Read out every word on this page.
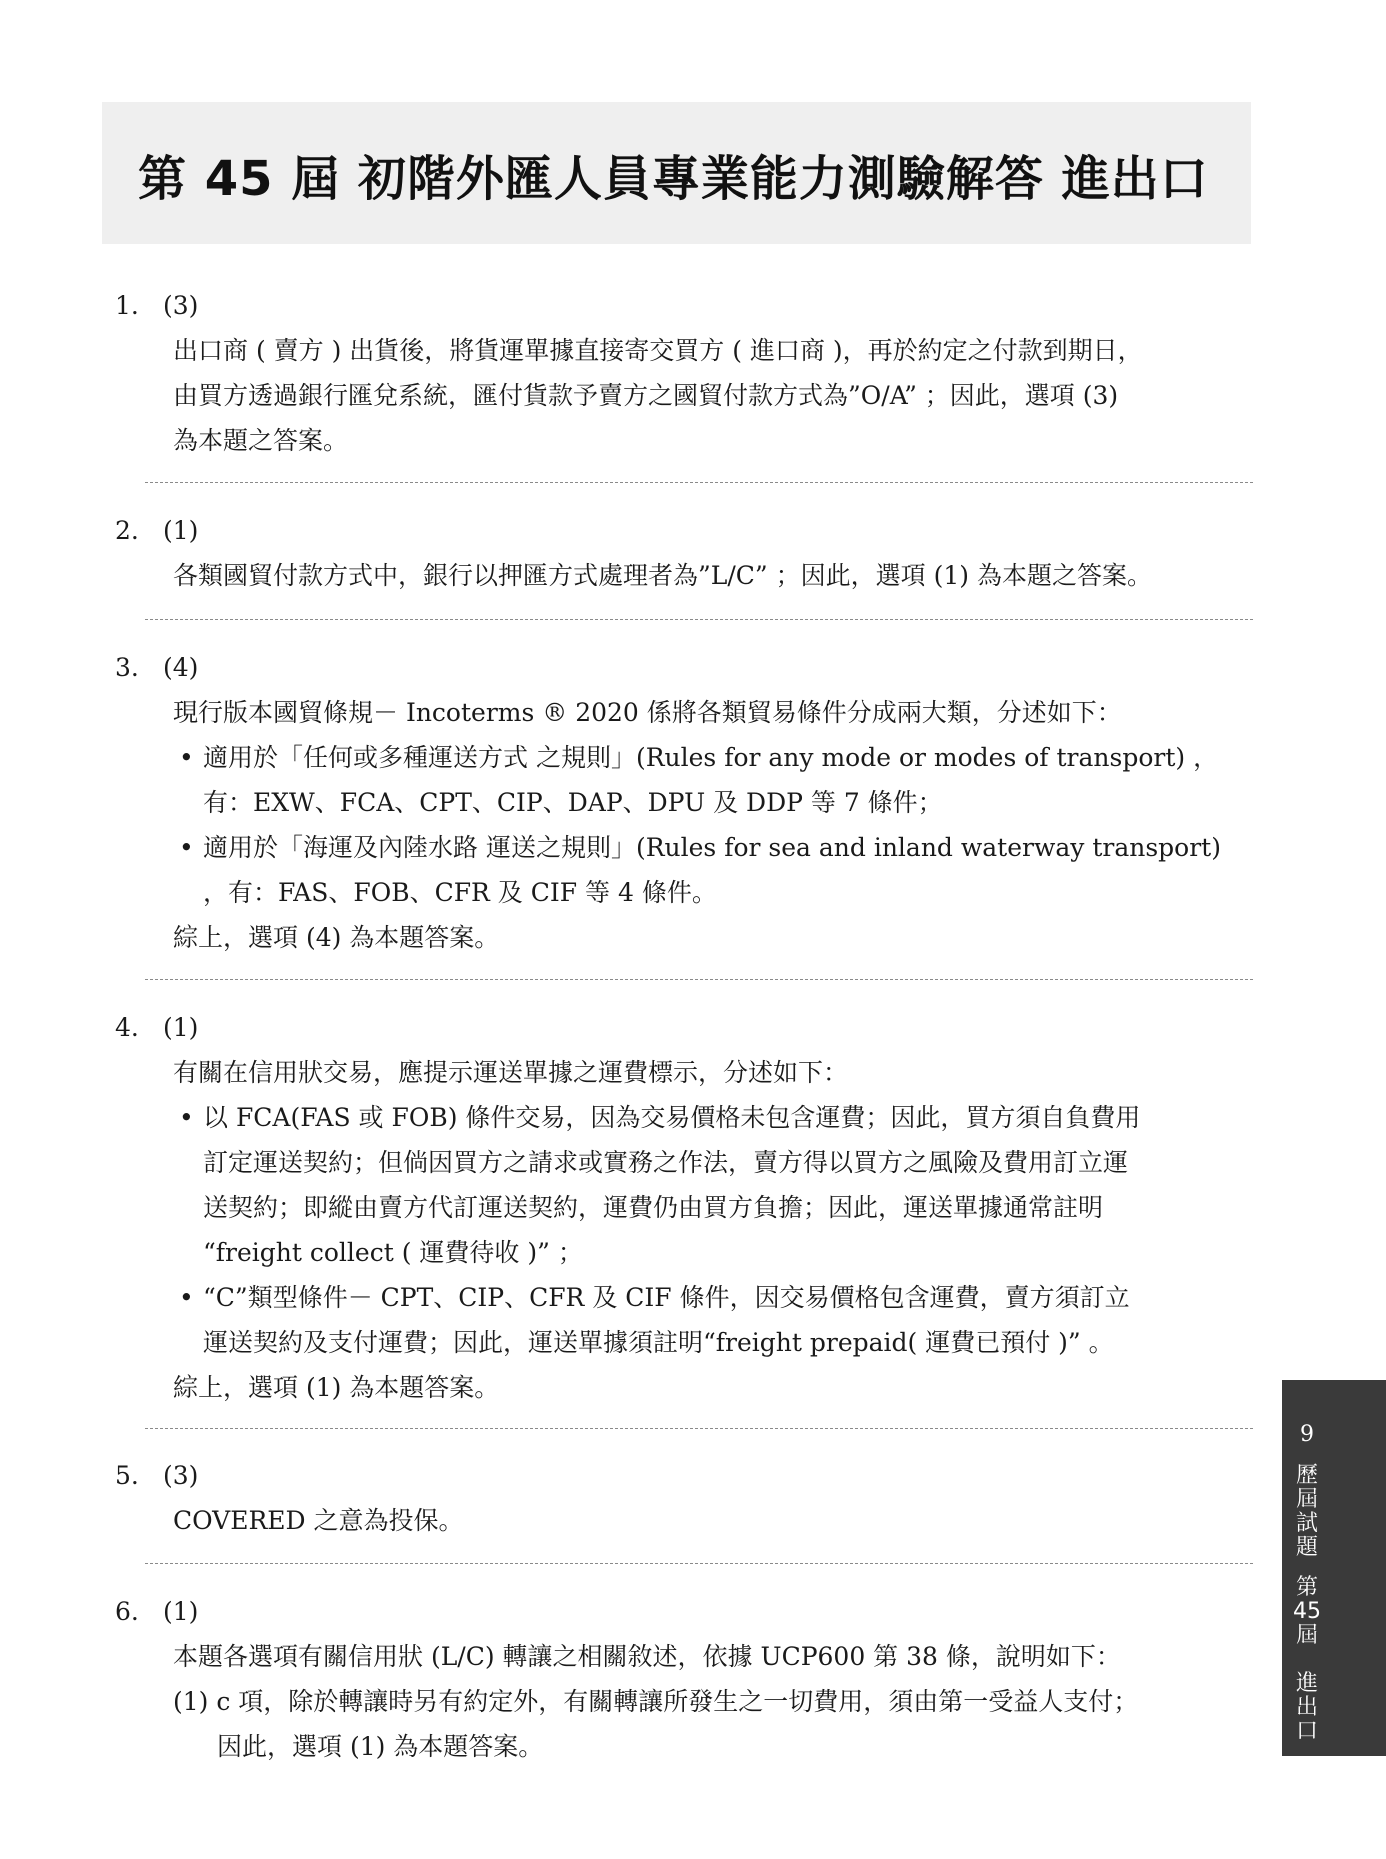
第 45 屆 初階外匯人員專業能力測驗解答 進出口
1. (3)
出口商 ( 賣方 ) 出貨後，將貨運單據直接寄交買方 ( 進口商 )，再於約定之付款到期日，
由買方透過銀行匯兌系統，匯付貨款予賣方之國貿付款方式為”O/A” ；因此，選項 (3)
為本題之答案。
2. (1)
各類國貿付款方式中，銀行以押匯方式處理者為”L/C” ；因此，選項 (1) 為本題之答案。
3. (4)
現行版本國貿條規－ Incoterms ® 2020 係將各類貿易條件分成兩大類，分述如下：
• 適用於「任何或多種運送方式 之規則」(Rules for any mode or modes of transport) ，
有：EXW、FCA、CPT、CIP、DAP、DPU 及 DDP 等 7 條件；
• 適用於「海運及內陸水路 運送之規則」(Rules for sea and inland waterway transport)
，有：FAS、FOB、CFR 及 CIF 等 4 條件。
綜上，選項 (4) 為本題答案。
4. (1)
有關在信用狀交易，應提示運送單據之運費標示，分述如下：
• 以 FCA(FAS 或 FOB) 條件交易，因為交易價格未包含運費；因此，買方須自負費用
訂定運送契約；但倘因買方之請求或實務之作法，賣方得以買方之風險及費用訂立運
送契約；即縱由賣方代訂運送契約，運費仍由買方負擔；因此，運送單據通常註明
“freight collect ( 運費待收 )” ；
• “C”類型條件－ CPT、CIP、CFR 及 CIF 條件，因交易價格包含運費，賣方須訂立
運送契約及支付運費；因此，運送單據須註明“freight prepaid( 運費已預付 )” 。
綜上，選項 (1) 為本題答案。
5. (3)
COVERED 之意為投保。
6. (1)
本題各選項有關信用狀 (L/C) 轉讓之相關敘述，依據 UCP600 第 38 條，說明如下：
(1) c 項，除於轉讓時另有約定外，有關轉讓所發生之一切費用，須由第一受益人支付；
因此，選項 (1) 為本題答案。
9
歷
屆
試
題
第
45
屆

進
出
口
